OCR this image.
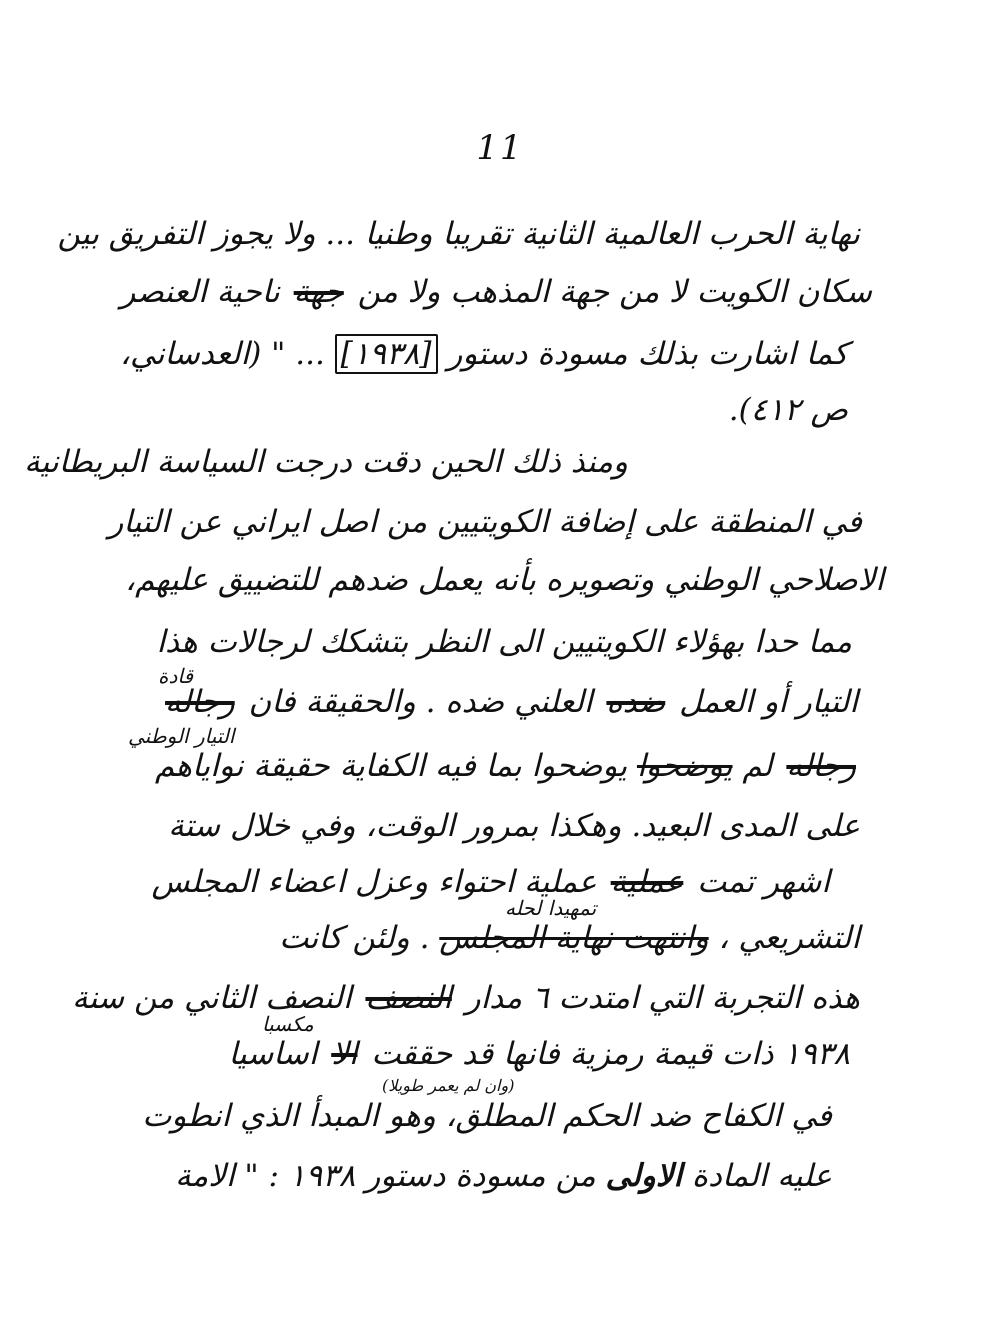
11
قادة
التيار الوطني
تمهيدا لحله
مكسبا
(وان لم يعمر طويلا)
نهاية الحرب العالمية الثانية تقريبا وطنيا ... ولا يجوز التفريق بين
سكان الكويت لا من جهة المذهب ولا من جهة ناحية العنصر
كما اشارت بذلك مسودة دستور [١٩٣٨] ... " (العدساني،
ص ٤١٢).
ومنذ ذلك الحين دقت درجت السياسة البريطانية
في المنطقة على إضافة الكويتيين من اصل ايراني عن التيار
الاصلاحي الوطني وتصويره بأنه يعمل ضدهم للتضييق عليهم،
مما حدا بهؤلاء الكويتيين الى النظر بتشكك لرجالات هذا
التيار أو العمل ضده العلني ضده . والحقيقة فان رجاله
رجاله لم يوضحوا يوضحوا بما فيه الكفاية حقيقة نواياهم
على المدى البعيد. وهكذا بمرور الوقت، وفي خلال ستة
اشهر تمت عملية عملية احتواء وعزل اعضاء المجلس
التشريعي ، وانتهت نهاية المجلس . ولئن كانت
هذه التجربة التي امتدت ٦ مدار النصف النصف الثاني من سنة
١٩٣٨ ذات قيمة رمزية فانها قد حققت الا اساسيا
في الكفاح ضد الحكم المطلق، وهو المبدأ الذي انطوت
عليه المادة الاولى من مسودة دستور ١٩٣٨ : " الامة
